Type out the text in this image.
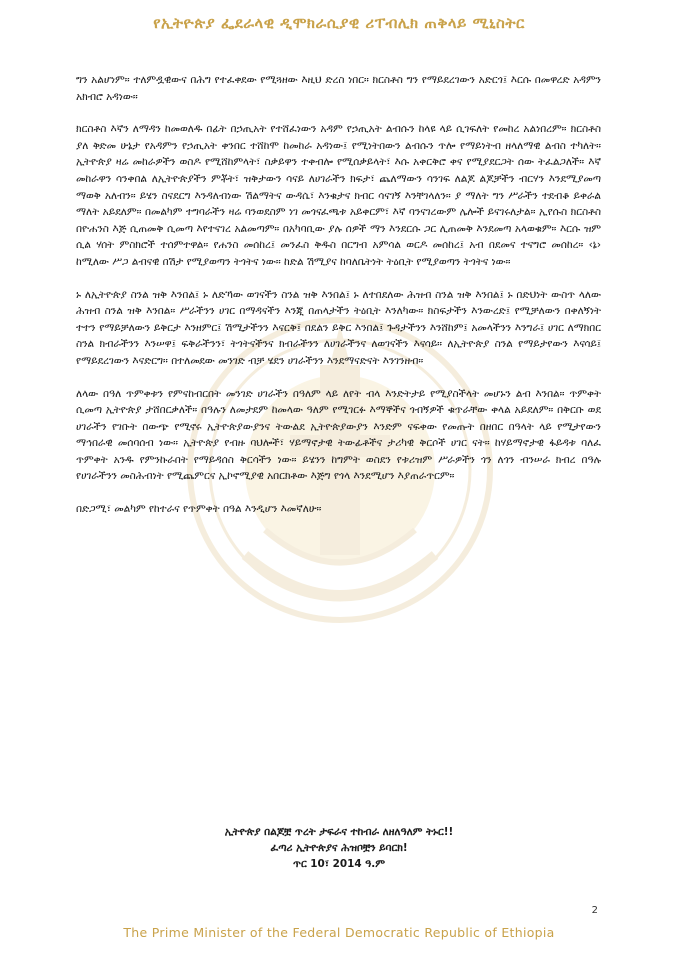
የኢትዮጵያ ፌደራላዊ ዲሞክራሲያዊ ሪፐብሊክ ጠቅላይ ሚኒስትር

ግን አልሆነም። ተለምዷዊውና በሕግ የተፈቀደው የሚጓዘው እዚህ ድረስ ነበር። ክርስቶስ ግን የማይደረገውን አድርጎ፤ እርሱ በመዋረድ አዳምን አክብሮ አዳነው።

ክርስቶስ እኛን ለማዳን ከመወለዱ በፊት በኃጢአት የተሸፈነውን አዳም የኃጢአት ልብሱን ከላዩ ላይ ሲገፍለት የመከረ አልነበረም። ክርስቶስ ያለ ቅድመ ሁኔታ የአዳምን የኃጢአት ቀንበር ተሸከሞ ከመከራ አዳነው፤ የሚነትበውን ልብሱን ጥሎ የማይነትብ ዘላለማዊ ልብስ ተካለት። ኢትዮጵያ ዛሬ መከራዎችን ወስዶ የሚሸከምላት፣ ስቃይዋን ተቀብሎ የሚሰቃይላት፣ እሱ አቀርቅሮ ቀና የሚያደርጋት ሰው ትፈልጋለች። እኛ መከራዋን ሳንቀበል ለኢትዮጵያችን ምቾት፣ ዝቅታውን ሳናይ ለሀገራችን ክፍታ፣ ጨለማውን ሳንገፍ ለልጆ ልጆቻችን ብርሃን እንደሚያመጣ ማወቅ አለብን። ይሄን ስናደርግ እንዳለብነው ሽልማትና ውዳሴ፣ እንቁታና ክብር ሳናገኝ እንቸገላለን። ያ ማለት ግን ሥራችን ተደብቆ ይቀራል ማለት አይደለም። በመልካም ተግባራችን ዛሬ ባንወደስም ነገ መጎናፈጫቱ አይቀርም፣ እኛ ባንናገረውም ሌሎች ይናገሩለታል። ኢየሱስ ክርስቶስ በዮሐንስ እጅ ሲጠመቅ ሲመጣ እየተናገረ አልመጣም። በአካባቢው ያሉ ሰዎች ማን እንደርሱ ጋር ሊጠመቅ እንደመጣ አላወቁም። እርሱ ዝም ሲል ሃሰት ምስክሮች ተሰምተዋል። የሐንስ መሰከረ፤ መንፈስ ቅዱስ በርግብ አምሳል ወርዶ መሰከረ፤ አብ በደመና ተናግሮ መሰከረ። ‹ኔ› ከሚለው ሥጋ ልብናዊ በሽታ የሚያወጣን ትጎትና ነው። ከድል ሽሚያና ከባለቤትነት ትዕቢት የሚያወጣን ትጎትና ነው።

ኑ ለኢትዮጵያ ስንል ዝቅ እንበል፤ ኑ ለድኻው ወገናችን ስንል ዝቅ እንበል፤ ኑ ለተበደለው ሕዝብ ስንል ዝቅ እንበል፤ ኑ በድህነት ውስጥ ላለው ሕዝብ ስንል ዝቅ እንበል። ሥራችንን ሀገር በማዳናችን እንጂ በጠላታችን ትዕቢት እንለካው። ክስፍታችን እንውረድ፤ የሚቻለውን በቀለኝነት ተተን የማይቻለውን ይቅርታ እንዘምር፤ ሽሚታችንን እናርቅ፤ በደልን ይቅር እንበል፤ ጉዳታችንን እንሸከም፤ አመላችንን እንግራ፤ ሀገር ለማክበር ስንል ክብራችንን እንሠዋ፤ ፍቅራችንን፣ ትጎትናችንና ክብራችንን ለሀገራችንና ለወገናችን እናሳይ። ለኢትዮጵያ ስንል የማይታየውን እናሳይ፤ የማይደረገውን እናድርግ። በተለመደው መንገድ ብቻ ሄደን ሀገራችንን እንደማናድናት እንገንዘብ።

ለላው በዓለ ጥምቀቱን የምናከብርበት መንገድ ሀገራችን በዓለም ላይ ለየት ብላ እንድትታይ የሚያስችላት መሆኑን ልብ እንበል። ጥምቀት ሲመጣ ኢትዮጵያ ታሸበርቃለች። በዓሉን ለመታደም ከመላው ዓለም የሚገርፉ እማኞችና ጎብኝዎች ቁጥራቸው ቀላል አይደለም። በቅርቡ ወደ ሀገራችን የገቡት በውጭ የሚኖሩ ኢትዮጵያውያንና ትውልደ ኢትዮጵያውያን እንድም ናፍቀው የመጡት በዘበር በዓላት ላይ የሚታየውን ማኅበራዊ መሰባሰብ ነው። ኢትዮጵያ የብዙ ባህሎች፣ ሃይማኖታዊ ትውፊቶችና ታሪካዊ ቅርሶች ሀገር ናት። ከሃይማኖታዊ ፋይዳቱ ባለፈ ጥምቀት አንዱ የምንኩራበት የማይዳሰስ ቅርሳችን ነው። ይሄንን ከግምት ወስደን የቱሪዝም ሥራዎችን ጎን ለጎን ብንሠራ ክብረ በዓሉ የሀገራችንን መስሕብነት የሚጨምርና ኢኮኖሚያዊ አበርክቶው እጅግ የጎላ እንደሚሆን እያጠራጥርም።

በድጋሚ፣ መልካም የከተራና የጥምቀት በዓል እንዲሆን እመኛለሁ።

ኢትዮጵያ በልጆቿ ጥረት ታፍራና ተከብራ ለዘለዓለም ትኑር!!
ፈጣሪ ኢትዮጵያና ሕዝቦቿን ይባርክ!
ጥር 10፣ 2014 ዓ.ም
2
The Prime Minister of the Federal Democratic Republic of Ethiopia
